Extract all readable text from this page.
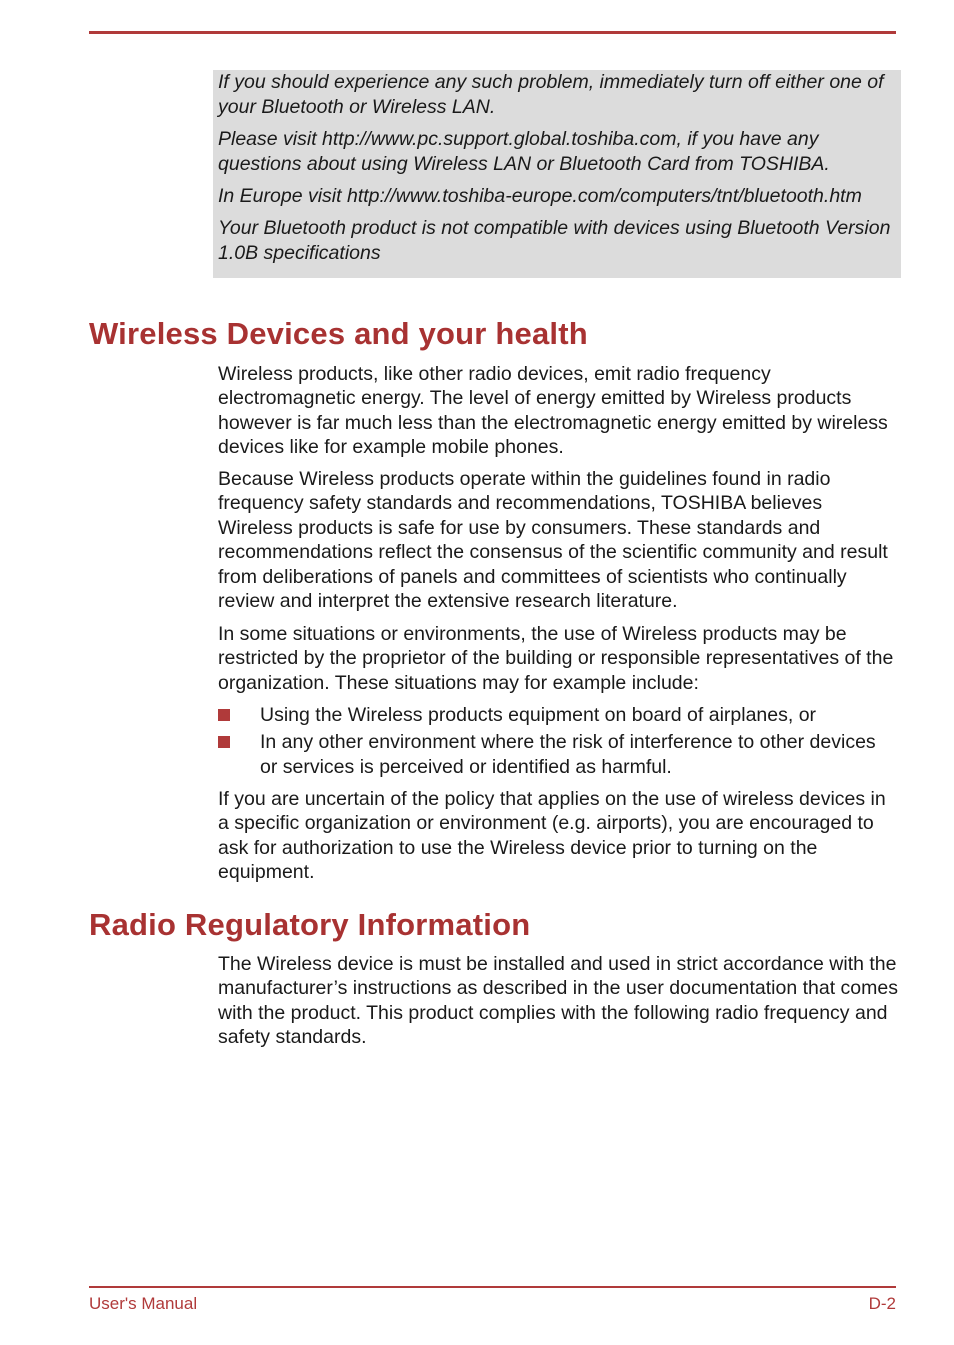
If you should experience any such problem, immediately turn off either one of your Bluetooth or Wireless LAN.

Please visit http://www.pc.support.global.toshiba.com, if you have any questions about using Wireless LAN or Bluetooth Card from TOSHIBA.

In Europe visit http://www.toshiba-europe.com/computers/tnt/bluetooth.htm

Your Bluetooth product is not compatible with devices using Bluetooth Version 1.0B specifications

Wireless Devices and your health

Wireless products, like other radio devices, emit radio frequency electromagnetic energy. The level of energy emitted by Wireless products however is far much less than the electromagnetic energy emitted by wireless devices like for example mobile phones.

Because Wireless products operate within the guidelines found in radio frequency safety standards and recommendations, TOSHIBA believes Wireless products is safe for use by consumers. These standards and recommendations reflect the consensus of the scientific community and result from deliberations of panels and committees of scientists who continually review and interpret the extensive research literature.

In some situations or environments, the use of Wireless products may be restricted by the proprietor of the building or responsible representatives of the organization. These situations may for example include:

Using the Wireless products equipment on board of airplanes, or
In any other environment where the risk of interference to other devices or services is perceived or identified as harmful.

If you are uncertain of the policy that applies on the use of wireless devices in a specific organization or environment (e.g. airports), you are encouraged to ask for authorization to use the Wireless device prior to turning on the equipment.

Radio Regulatory Information

The Wireless device is must be installed and used in strict accordance with the manufacturer’s instructions as described in the user documentation that comes with the product. This product complies with the following radio frequency and safety standards.

User's Manual	D-2
